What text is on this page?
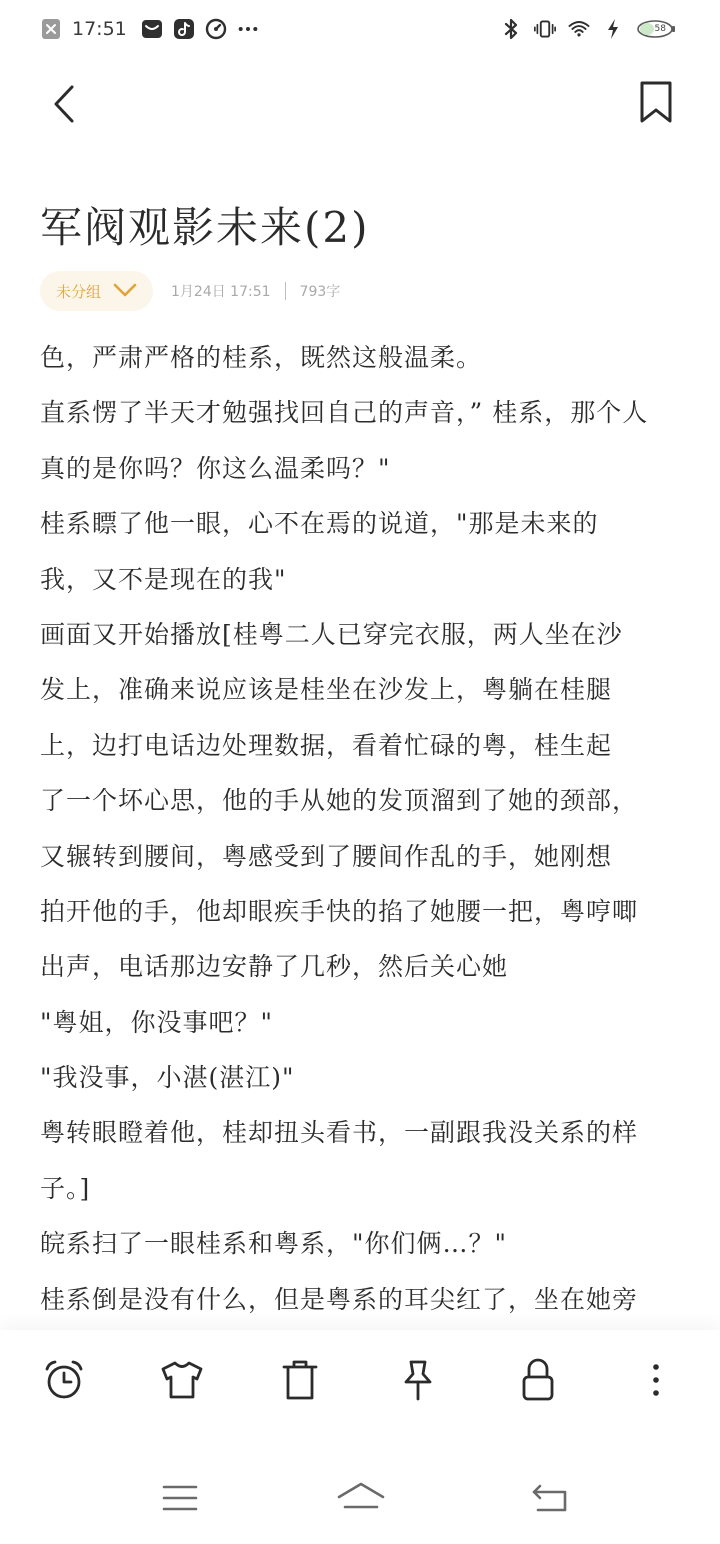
17:51	58
军阀观影未来(2)
未分组	1月24日 17:51 793字
色，严肃严格的桂系，既然这般温柔。
直系愣了半天才勉强找回自己的声音，” 桂系，那个人
真的是你吗？你这么温柔吗？"
桂系瞟了他一眼，心不在焉的说道，"那是未来的
我，又不是现在的我"
画面又开始播放[桂粤二人已穿完衣服，两人坐在沙
发上，准确来说应该是桂坐在沙发上，粤躺在桂腿
上，边打电话边处理数据，看着忙碌的粤，桂生起
了一个坏心思，他的手从她的发顶溜到了她的颈部，
又辗转到腰间，粤感受到了腰间作乱的手，她刚想
拍开他的手，他却眼疾手快的掐了她腰一把，粤哼唧
出声，电话那边安静了几秒，然后关心她
"粤姐，你没事吧？"
"我没事，小湛(湛江)"
粤转眼瞪着他，桂却扭头看书，一副跟我没关系的样
子。]
皖系扫了一眼桂系和粤系，"你们俩…？"
桂系倒是没有什么，但是粤系的耳尖红了，坐在她旁
